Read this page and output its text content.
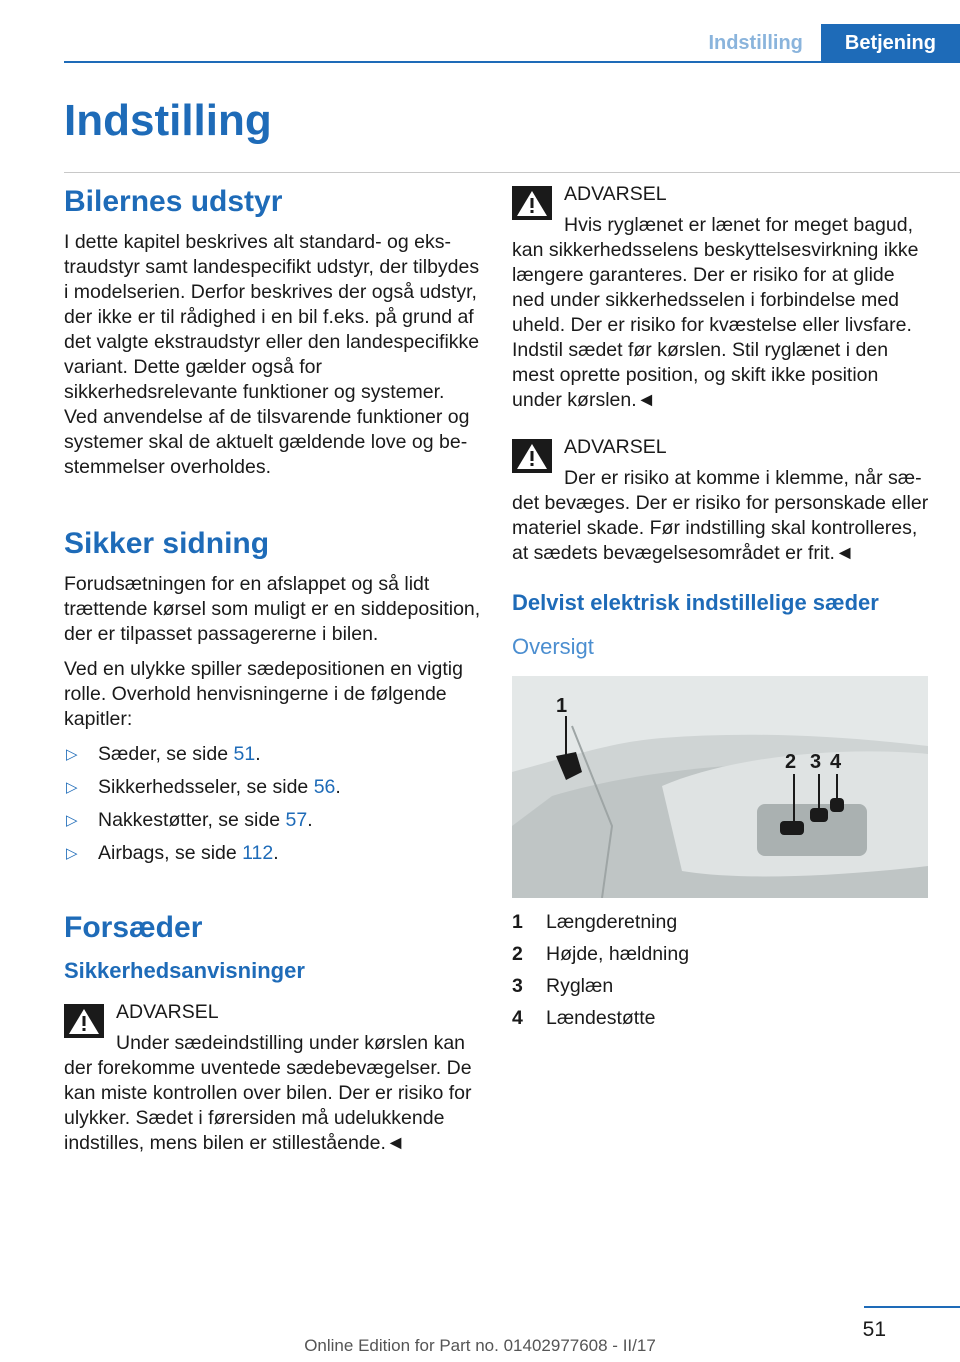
Indstilling	Betjening
Indstilling
Bilernes udstyr

I dette kapitel beskrives alt standard- og ekstraudstyr samt landespecifikt udstyr, der tilbydes i modelserien. Derfor beskrives der også udstyr, der ikke er til rådighed i en bil f.eks. på grund af det valgte ekstraudstyr eller den landespecifikke variant. Dette gælder også for sikkerhedsrelevante funktioner og systemer. Ved anvendelse af de tilsvarende funktioner og systemer skal de aktuelt gældende love og bestemmelser overholdes.

Sikker sidning

Forudsætningen for en afslappet og så lidt trættende kørsel som muligt er en siddeposition, der er tilpasset passagererne i bilen.

Ved en ulykke spiller sædepositionen en vigtig rolle. Overhold henvisningerne i de følgende kapitler:

▷ Sæder, se side 51.
▷ Sikkerhedsseler, se side 56.
▷ Nakkestøtter, se side 57.
▷ Airbags, se side 112.
Forsæder
Sikkerhedsanvisninger
ADVARSEL
Under sædeindstilling under kørslen kan der forekomme uventede sædebevægelser. De kan miste kontrollen over bilen. Der er risiko for ulykker. Sædet i førersiden må udelukkende indstilles, mens bilen er stillestående.◄
ADVARSEL
Hvis ryglænet er lænet for meget bagud, kan sikkerhedsselens beskyttelsesvirkning ikke længere garanteres. Der er risiko for at glide ned under sikkerhedsselen i forbindelse med uheld. Der er risiko for kvæstelse eller livsfare. Indstil sædet før kørslen. Stil ryglænet i den mest oprette position, og skift ikke position under kørslen.◄
ADVARSEL
Der er risiko at komme i klemme, når sædet bevæges. Der er risiko for personskade eller materiel skade. Før indstilling skal kontrolleres, at sædets bevægelsesområdet er frit.◄
Delvist elektrisk indstillelige sæder
Oversigt
1
2 3 4
1	Længderetning
2	Højde, hældning
3	Ryglæn
4	Lændestøtte
51
Online Edition for Part no. 01402977608 - II/17
